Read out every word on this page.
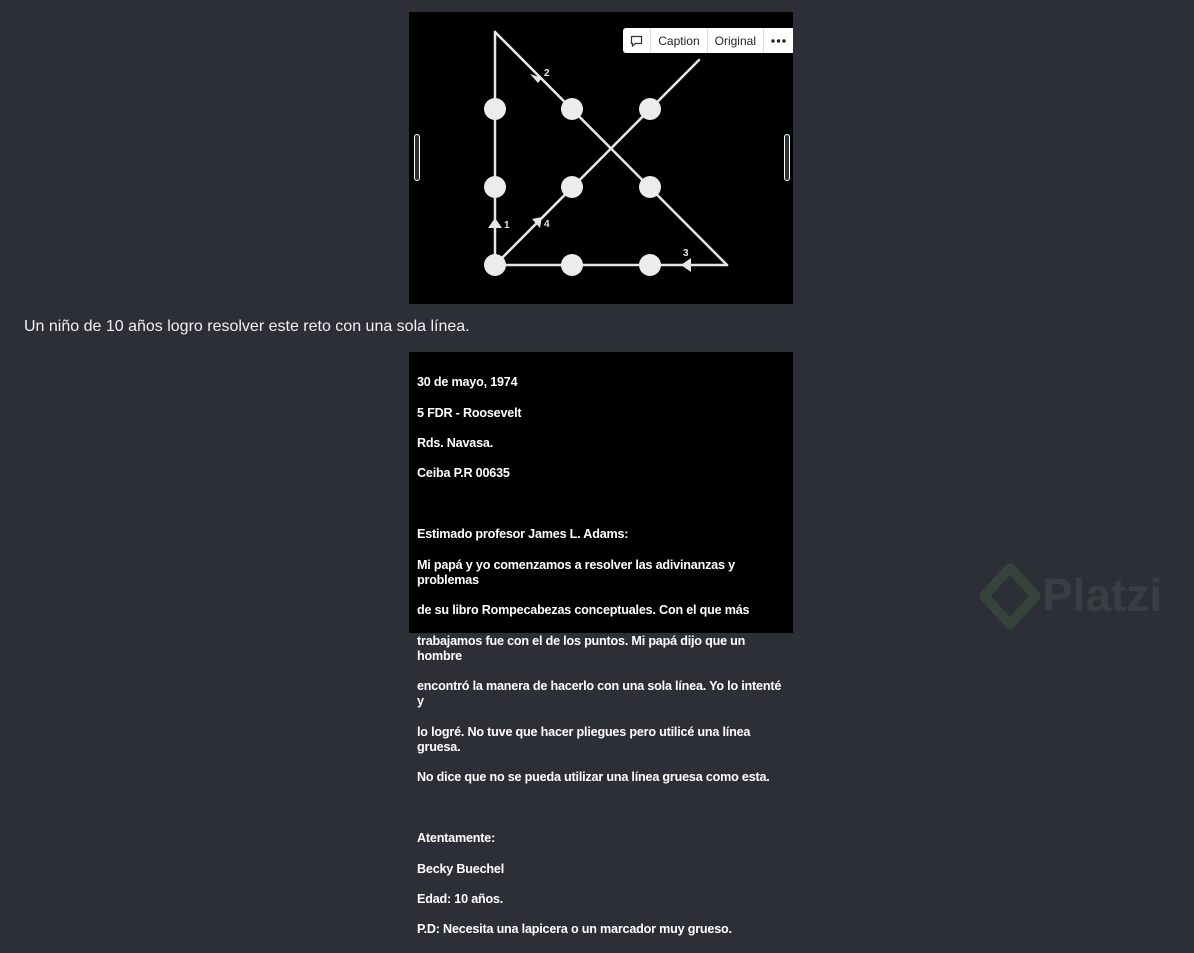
1
2
3
4
Caption	Original
Un niño de 10 años logro resolver este reto con una sola línea.

30 de mayo, 1974

5 FDR - Roosevelt

Rds. Navasa.

Ceiba P.R 00635

Estimado profesor James L. Adams:

Mi papá y yo comenzamos a resolver las adivinanzas y problemas

de su libro Rompecabezas conceptuales. Con el que más

trabajamos fue con el de los puntos. Mi papá dijo que un hombre

encontró la manera de hacerlo con una sola línea. Yo lo intenté y

lo logré. No tuve que hacer pliegues pero utilicé una línea gruesa.

No dice que no se pueda utilizar una línea gruesa como esta.

Atentamente:

Becky Buechel

Edad: 10 años.

P.D: Necesita una lapicera o un marcador muy grueso.

Platzi
